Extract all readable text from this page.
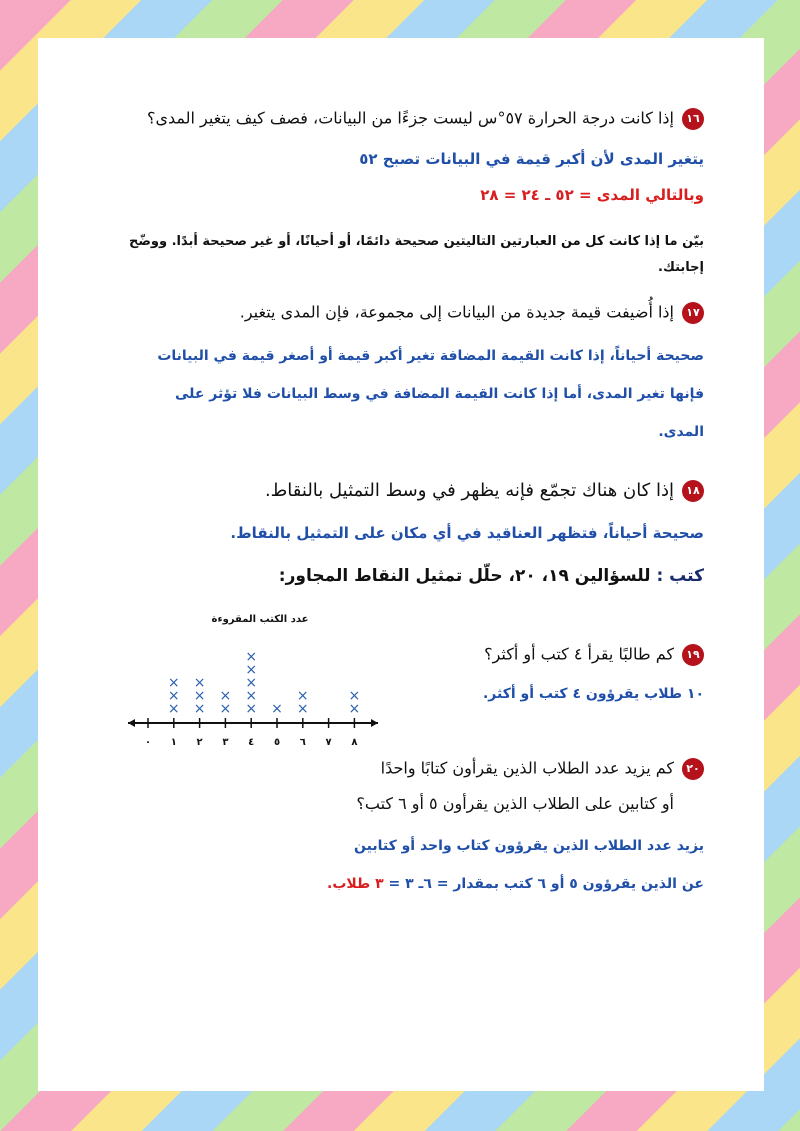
١٦إذا كانت درجة الحرارة ٥٧°س ليست جزءًا من البيانات، فصف كيف يتغير المدى؟
يتغير المدى لأن أكبر قيمة في البيانات تصبح ٥٢
وبالتالي المدى = ٥٢ ـ ٢٤ = ٢٨
بيّن ما إذا كانت كل من العبارتين التاليتين صحيحة دائمًا، أو أحيانًا، أو غير صحيحة أبدًا. ووضّح
إجابتك.
١٧إذا أُضيفت قيمة جديدة من البيانات إلى مجموعة، فإن المدى يتغير.
صحيحة أحياناً، إذا كانت القيمة المضافة تغير أكبر قيمة أو أصغر قيمة في البيانات
فإنها تغير المدى، أما إذا كانت القيمة المضافة في وسط البيانات فلا تؤثر على
المدى.
١٨إذا كان هناك تجمّع فإنه يظهر في وسط التمثيل بالنقاط.
صحيحة أحياناً، فتظهر العناقيد في أي مكان على التمثيل بالنقاط.
كتب : للسؤالين ١٩، ٢٠، حلّل تمثيل النقاط المجاور:
عدد الكتب المقروءة
×
×
×
×
×
×
×
×
×
×
×
×
×
× ×
×
×
×
٠ ١ ٢ ٣ ٤ ٥ ٦ ٧ ٨
١٩كم طالبًا يقرأ ٤ كتب أو أكثر؟
١٠ طلاب يقرؤون ٤ كتب أو أكثر.
٢٠كم يزيد عدد الطلاب الذين يقرأون كتابًا واحدًا
أو كتابين على الطلاب الذين يقرأون ٥ أو ٦ كتب؟
يزيد عدد الطلاب الذين يقرؤون كتاب واحد أو كتابين
عن الذين يقرؤون ٥ أو ٦ كتب بمقدار = ٦ـ ٣ = ٣ طلاب.
